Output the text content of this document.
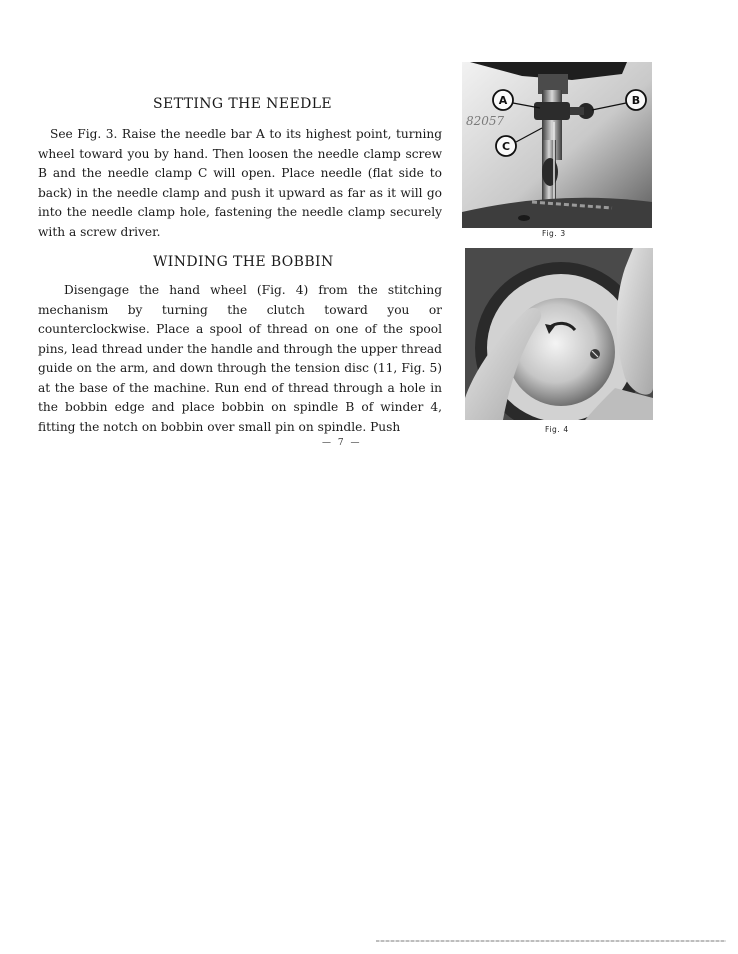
SETTING THE NEEDLE
See Fig. 3. Raise the needle bar A to its highest point, turning wheel toward you by hand. Then loosen the needle clamp screw B and the needle clamp C will open. Place needle (flat side to back) in the needle clamp and push it upward as far as it will go into the needle clamp hole, fastening the needle clamp securely with a screw driver.
WINDING THE BOBBIN
Disengage the hand wheel (Fig. 4) from the stitching mechanism by turning the clutch toward you or counterclockwise. Place a spool of thread on one of the spool pins, lead thread under the handle and through the upper thread guide on the arm, and down through the tension disc (11, Fig. 5) at the base of the machine. Run end of thread through a hole in the bobbin edge and place bobbin on spindle B of winder 4, fitting the notch on bobbin over small pin on spindle. Push
A	B
C
82057
Fig. 3
Fig. 4
— 7 —
